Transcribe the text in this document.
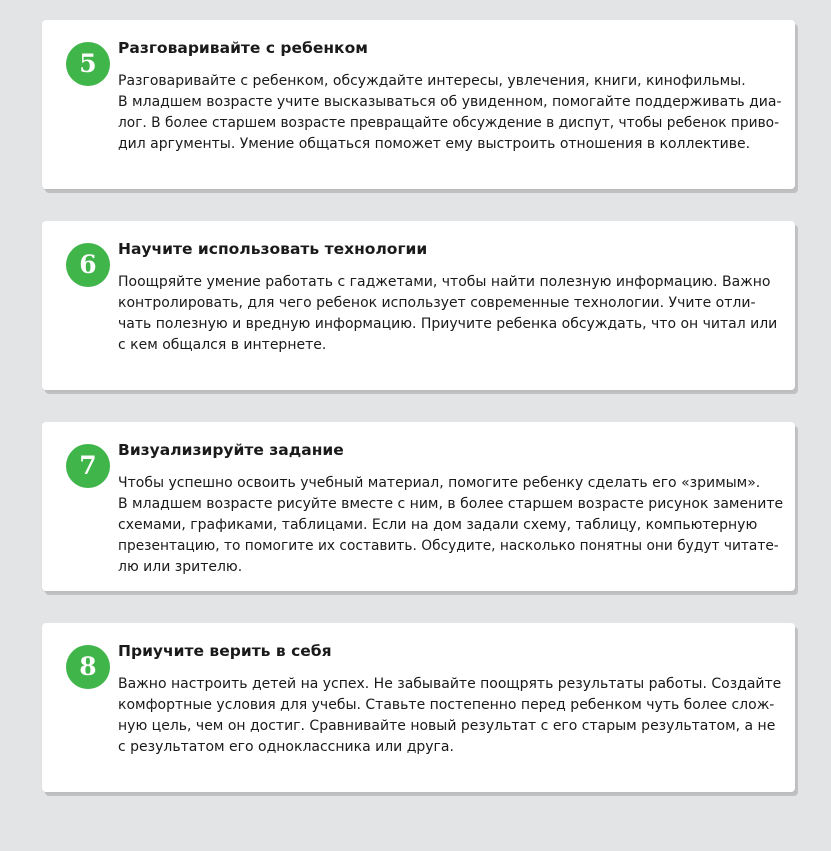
5
Разговаривайте с ребенком

Разговаривайте с ребенком, обсуждайте интересы, увлечения, книги, кинофильмы.
В младшем возрасте учите высказываться об увиденном, помогайте поддерживать диа-
лог. В более старшем возрасте превращайте обсуждение в диспут, чтобы ребенок приво-
дил аргументы. Умение общаться поможет ему выстроить отношения в коллективе.

6
Научите использовать технологии

Поощряйте умение работать с гаджетами, чтобы найти полезную информацию. Важно
контролировать, для чего ребенок использует современные технологии. Учите отли-
чать полезную и вредную информацию. Приучите ребенка обсуждать, что он читал или
с кем общался в интернете.

7
Визуализируйте задание

Чтобы успешно освоить учебный материал, помогите ребенку сделать его «зримым».
В младшем возрасте рисуйте вместе с ним, в более старшем возрасте рисунок замените
схемами, графиками, таблицами. Если на дом задали схему, таблицу, компьютерную
презентацию, то помогите их составить. Обсудите, насколько понятны они будут читате-
лю или зрителю.

8
Приучите верить в себя

Важно настроить детей на успех. Не забывайте поощрять результаты работы. Создайте
комфортные условия для учебы. Ставьте постепенно перед ребенком чуть более слож-
ную цель, чем он достиг. Сравнивайте новый результат с его старым результатом, а не
с результатом его одноклассника или друга.
